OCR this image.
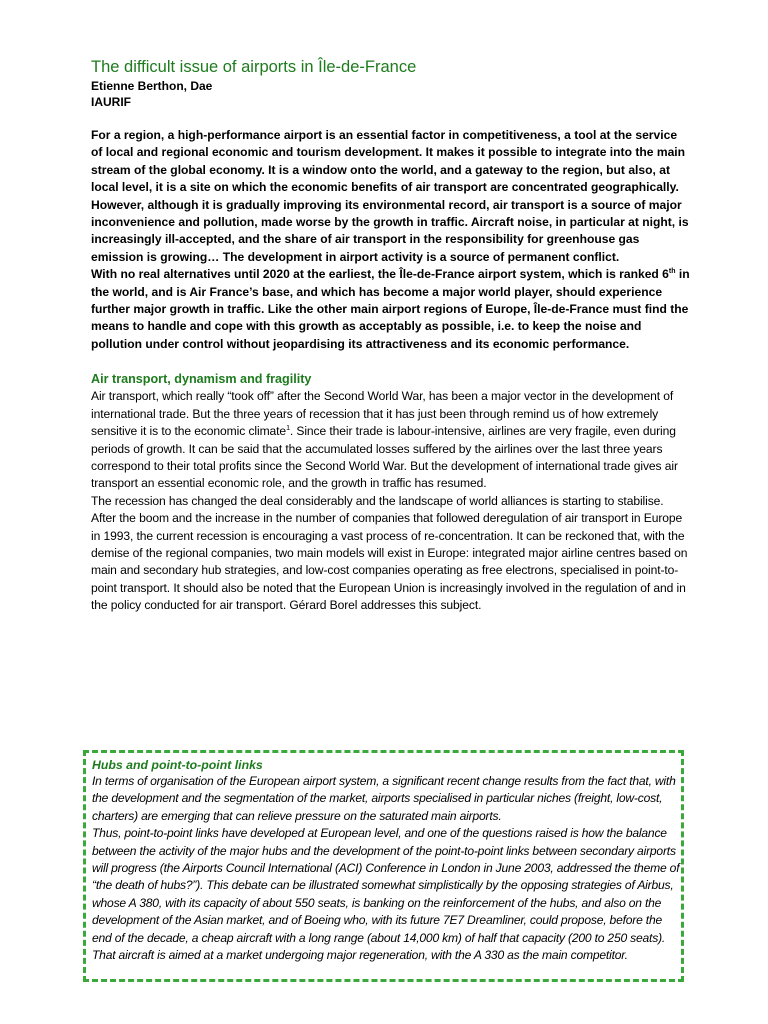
The difficult issue of airports in Île-de-France
Etienne Berthon, Dae
IAURIF

For a region, a high-performance airport is an essential factor in competitiveness, a tool at the service of local and regional economic and tourism development. It makes it possible to integrate into the main stream of the global economy. It is a window onto the world, and a gateway to the region, but also, at local level, it is a site on which the economic benefits of air transport are concentrated geographically.

However, although it is gradually improving its environmental record, air transport is a source of major inconvenience and pollution, made worse by the growth in traffic. Aircraft noise, in particular at night, is increasingly ill-accepted, and the share of air transport in the responsibility for greenhouse gas emission is growing… The development in airport activity is a source of permanent conflict.

With no real alternatives until 2020 at the earliest, the Île-de-France airport system, which is ranked 6th in the world, and is Air France’s base, and which has become a major world player, should experience further major growth in traffic. Like the other main airport regions of Europe, Île-de-France must find the means to handle and cope with this growth as acceptably as possible, i.e. to keep the noise and pollution under control without jeopardising its attractiveness and its economic performance.

Air transport, dynamism and fragility

Air transport, which really “took off” after the Second World War, has been a major vector in the development of international trade. But the three years of recession that it has just been through remind us of how extremely sensitive it is to the economic climate$^1$. Since their trade is labour-intensive, airlines are very fragile, even during periods of growth. It can be said that the accumulated losses suffered by the airlines over the last three years correspond to their total profits since the Second World War. But the development of international trade gives air transport an essential economic role, and the growth in traffic has resumed.

The recession has changed the deal considerably and the landscape of world alliances is starting to stabilise. After the boom and the increase in the number of companies that followed deregulation of air transport in Europe in 1993, the current recession is encouraging a vast process of re-concentration. It can be reckoned that, with the demise of the regional companies, two main models will exist in Europe: integrated major airline centres based on main and secondary hub strategies, and low-cost companies operating as free electrons, specialised in point-to-point transport. It should also be noted that the European Union is increasingly involved in the regulation of and in the policy conducted for air transport. Gérard Borel addresses this subject.

Hubs and point-to-point links

In terms of organisation of the European airport system, a significant recent change results from the fact that, with the development and the segmentation of the market, airports specialised in particular niches (freight, low-cost, charters) are emerging that can relieve pressure on the saturated main airports.

Thus, point-to-point links have developed at European level, and one of the questions raised is how the balance between the activity of the major hubs and the development of the point-to-point links between secondary airports will progress (the Airports Council International (ACI) Conference in London in June 2003, addressed the theme of “the death of hubs?”). This debate can be illustrated somewhat simplistically by the opposing strategies of Airbus, whose A 380, with its capacity of about 550 seats, is banking on the reinforcement of the hubs, and also on the development of the Asian market, and of Boeing who, with its future 7E7 Dreamliner, could propose, before the end of the decade, a cheap aircraft with a long range (about 14,000 km) of half that capacity (200 to 250 seats). That aircraft is aimed at a market undergoing major regeneration, with the A 330 as the main competitor.
